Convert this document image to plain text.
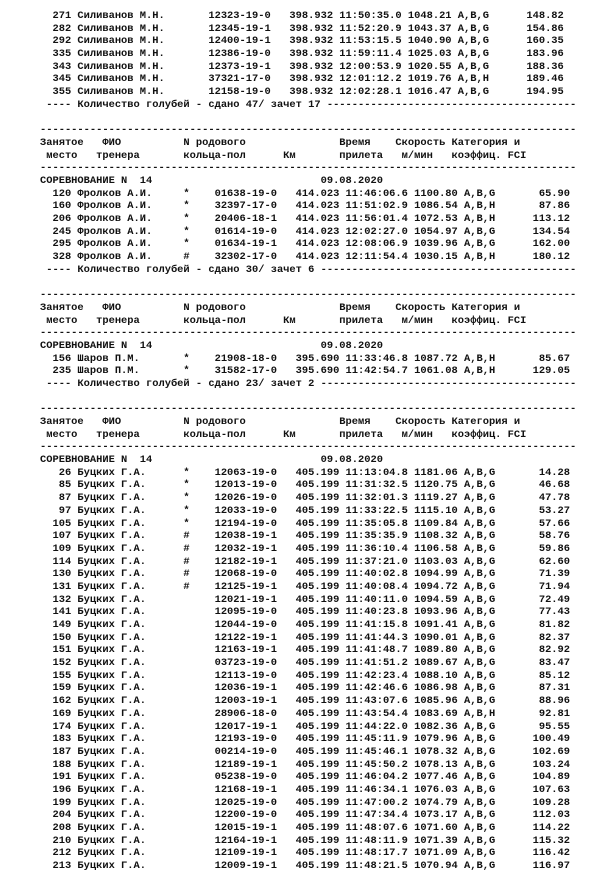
271 Силиванов М.Н.       12323-19-0   398.932 11:50:35.0 1048.21 A,B,G      148.82
282 Силиванов М.Н.       12345-19-1   398.932 11:52:20.9 1043.37 A,B,G      154.86
292 Силиванов М.Н.       12400-19-1   398.932 11:53:15.5 1040.90 A,B,G      160.35
335 Силиванов М.Н.       12386-19-0   398.932 11:59:11.4 1025.03 A,B,G      183.96
343 Силиванов М.Н.       12373-19-1   398.932 12:00:53.9 1020.55 A,B,G      188.36
345 Силиванов М.Н.       37321-17-0   398.932 12:01:12.2 1019.76 A,B,H      189.46
355 Силиванов М.Н.       12158-19-0   398.932 12:02:28.1 1016.47 A,B,G      194.95
---- Количество голубей - сдано 47/ зачет 17 ----------------------------------------
--------------------------------------------------------------------------------------
Занятое   ФИО          N родового               Время    Скорость Категория и
место   тренера       кольца-пол      Км       прилета   м/мин   коэффиц. FCI
--------------------------------------------------------------------------------------
СОРЕВНОВАНИЕ N  14                           09.08.2020
120 Фролков А.И.     *    01638-19-0   414.023 11:46:06.6 1100.80 A,B,G       65.90
160 Фролков А.И.     *    32397-17-0   414.023 11:51:02.9 1086.54 A,B,H       87.86
206 Фролков А.И.     *    20406-18-1   414.023 11:56:01.4 1072.53 A,B,H      113.12
245 Фролков А.И.     *    01614-19-0   414.023 12:02:27.0 1054.97 A,B,G      134.54
295 Фролков А.И.     *    01634-19-1   414.023 12:08:06.9 1039.96 A,B,G      162.00
328 Фролков А.И.     #    32302-17-0   414.023 12:11:54.4 1030.15 A,B,H      180.12
---- Количество голубей - сдано 30/ зачет 6 -----------------------------------------
--------------------------------------------------------------------------------------
Занятое   ФИО          N родового               Время    Скорость Категория и
место   тренера       кольца-пол      Км       прилета   м/мин   коэффиц. FCI
--------------------------------------------------------------------------------------
СОРЕВНОВАНИЕ N  14                           09.08.2020
156 Шаров П.М.       *    21908-18-0   395.690 11:33:46.8 1087.72 A,B,H       85.67
235 Шаров П.М.       *    31582-17-0   395.690 11:42:54.7 1061.08 A,B,H      129.05
---- Количество голубей - сдано 23/ зачет 2 -----------------------------------------
--------------------------------------------------------------------------------------
Занятое   ФИО          N родового               Время    Скорость Категория и
место   тренера       кольца-пол      Км       прилета   м/мин   коэффиц. FCI
--------------------------------------------------------------------------------------
СОРЕВНОВАНИЕ N  14                           09.08.2020
26 Буцких Г.А.      *    12063-19-0   405.199 11:13:04.8 1181.06 A,B,G       14.28
85 Буцких Г.А.      *    12013-19-0   405.199 11:31:32.5 1120.75 A,B,G       46.68
87 Буцких Г.А.      *    12026-19-0   405.199 11:32:01.3 1119.27 A,B,G       47.78
97 Буцких Г.А.      *    12033-19-0   405.199 11:33:22.5 1115.10 A,B,G       53.27
105 Буцких Г.А.      *    12194-19-0   405.199 11:35:05.8 1109.84 A,B,G       57.66
107 Буцких Г.А.      #    12038-19-1   405.199 11:35:35.9 1108.32 A,B,G       58.76
109 Буцких Г.А.      #    12032-19-1   405.199 11:36:10.4 1106.58 A,B,G       59.86
114 Буцких Г.А.      #    12182-19-1   405.199 11:37:21.0 1103.03 A,B,G       62.60
130 Буцких Г.А.      #    12068-19-0   405.199 11:40:02.8 1094.99 A,B,G       71.39
131 Буцких Г.А.      #    12125-19-1   405.199 11:40:08.4 1094.72 A,B,G       71.94
132 Буцких Г.А.           12021-19-1   405.199 11:40:11.0 1094.59 A,B,G       72.49
141 Буцких Г.А.           12095-19-0   405.199 11:40:23.8 1093.96 A,B,G       77.43
149 Буцких Г.А.           12044-19-0   405.199 11:41:15.8 1091.41 A,B,G       81.82
150 Буцких Г.А.           12122-19-1   405.199 11:41:44.3 1090.01 A,B,G       82.37
151 Буцких Г.А.           12163-19-1   405.199 11:41:48.7 1089.80 A,B,G       82.92
152 Буцких Г.А.           03723-19-0   405.199 11:41:51.2 1089.67 A,B,G       83.47
155 Буцких Г.А.           12113-19-0   405.199 11:42:23.4 1088.10 A,B,G       85.12
159 Буцких Г.А.           12036-19-1   405.199 11:42:46.6 1086.98 A,B,G       87.31
162 Буцких Г.А.           12003-19-1   405.199 11:43:07.6 1085.96 A,B,G       88.96
169 Буцких Г.А.           28906-18-0   405.199 11:43:54.4 1083.69 A,B,H       92.81
174 Буцких Г.А.           12017-19-1   405.199 11:44:22.0 1082.36 A,B,G       95.55
183 Буцких Г.А.           12193-19-0   405.199 11:45:11.9 1079.96 A,B,G      100.49
187 Буцких Г.А.           00214-19-0   405.199 11:45:46.1 1078.32 A,B,G      102.69
188 Буцких Г.А.           12189-19-1   405.199 11:45:50.2 1078.13 A,B,G      103.24
191 Буцких Г.А.           05238-19-0   405.199 11:46:04.2 1077.46 A,B,G      104.89
196 Буцких Г.А.           12168-19-1   405.199 11:46:34.1 1076.03 A,B,G      107.63
199 Буцких Г.А.           12025-19-0   405.199 11:47:00.2 1074.79 A,B,G      109.28
204 Буцких Г.А.           12200-19-0   405.199 11:47:34.4 1073.17 A,B,G      112.03
208 Буцких Г.А.           12015-19-1   405.199 11:48:07.6 1071.60 A,B,G      114.22
210 Буцких Г.А.           12164-19-1   405.199 11:48:11.9 1071.39 A,B,G      115.32
212 Буцких Г.А.           12109-19-1   405.199 11:48:17.7 1071.09 A,B,G      116.42
213 Буцких Г.А.           12009-19-1   405.199 11:48:21.5 1070.94 A,B,G      116.97
